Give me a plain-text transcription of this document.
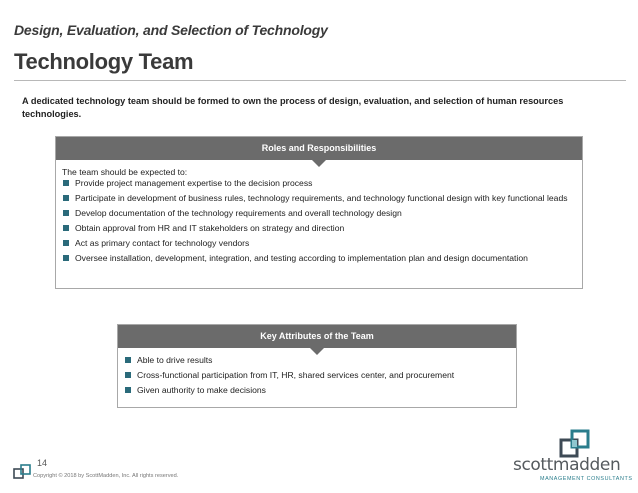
Design, Evaluation, and Selection of Technology
Technology Team
A dedicated technology team should be formed to own the process of design, evaluation, and selection of human resources technologies.
Roles and Responsibilities
The team should be expected to:
Provide project management expertise to the decision process
Participate in development of business rules, technology requirements, and technology functional design with key functional leads
Develop documentation of the technology requirements and overall technology design
Obtain approval from HR and IT stakeholders on strategy and direction
Act as primary contact for technology vendors
Oversee installation, development, integration, and testing according to implementation plan and design documentation
Key Attributes of the Team
Able to drive results
Cross-functional participation from IT, HR, shared services center, and procurement
Given authority to make decisions
14
Copyright © 2018 by ScottMadden, Inc. All rights reserved.
scottmadden
MANAGEMENT CONSULTANTS
